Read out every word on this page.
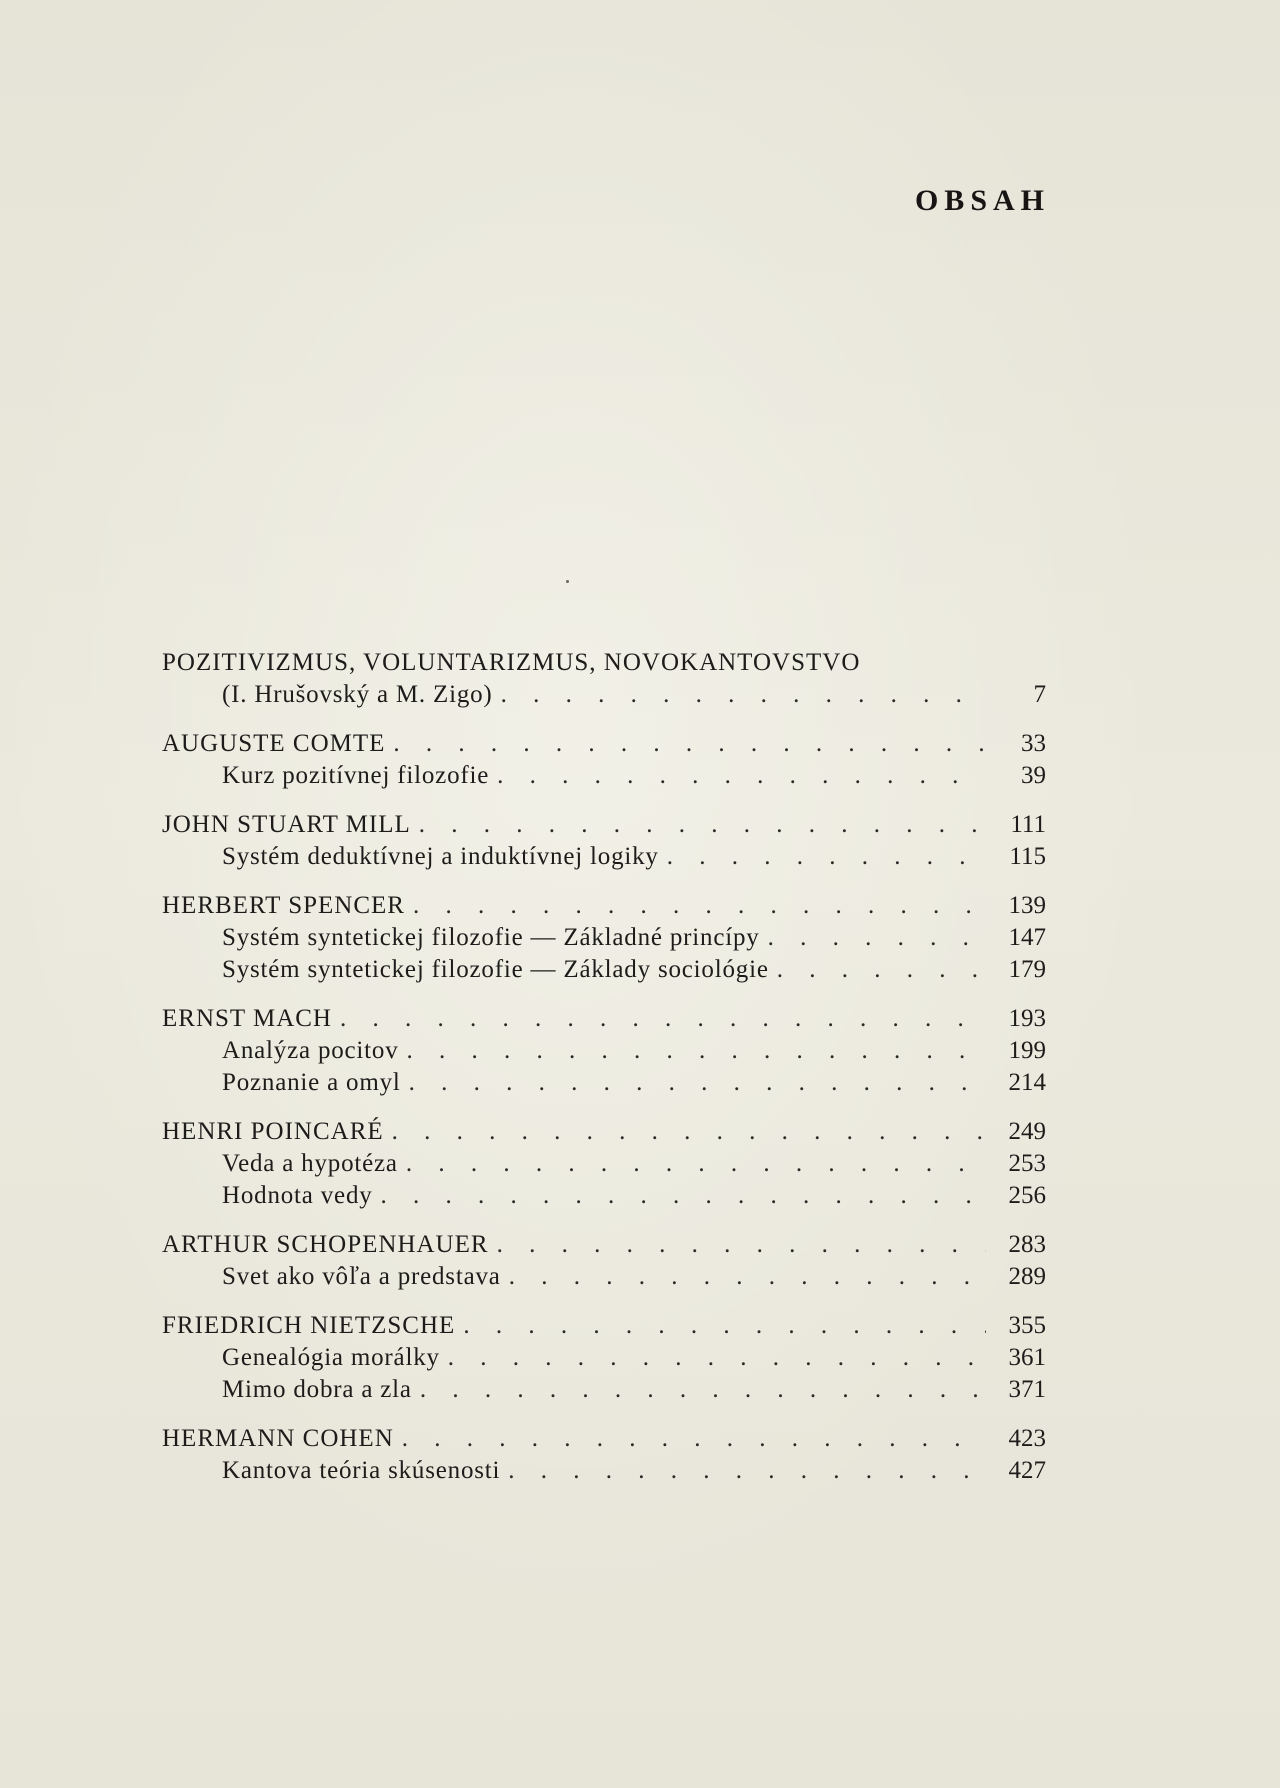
OBSAH
POZITIVIZMUS, VOLUNTARIZMUS, NOVOKANTOVSTVO
(I. Hrušovský a M. Zigo) . . .	7
AUGUSTE COMTE . . .	33
Kurz pozitívnej filozofie . . .	39
JOHN STUART MILL . . .	111
Systém deduktívnej a induktívnej logiky . . .	115
HERBERT SPENCER . . .	139
Systém syntetickej filozofie — Základné princípy . . .	147
Systém syntetickej filozofie — Základy sociológie . . .	179
ERNST MACH . . .	193
Analýza pocitov . . .	199
Poznanie a omyl . . .	214
HENRI POINCARÉ . . .	249
Veda a hypotéza . . .	253
Hodnota vedy . . .	256
ARTHUR SCHOPENHAUER . . .	283
Svet ako vôľa a predstava . . .	289
FRIEDRICH NIETZSCHE . . .	355
Genealógia morálky . . .	361
Mimo dobra a zla . . .	371
HERMANN COHEN . . .	423
Kantova teória skúsenosti . . .	427
